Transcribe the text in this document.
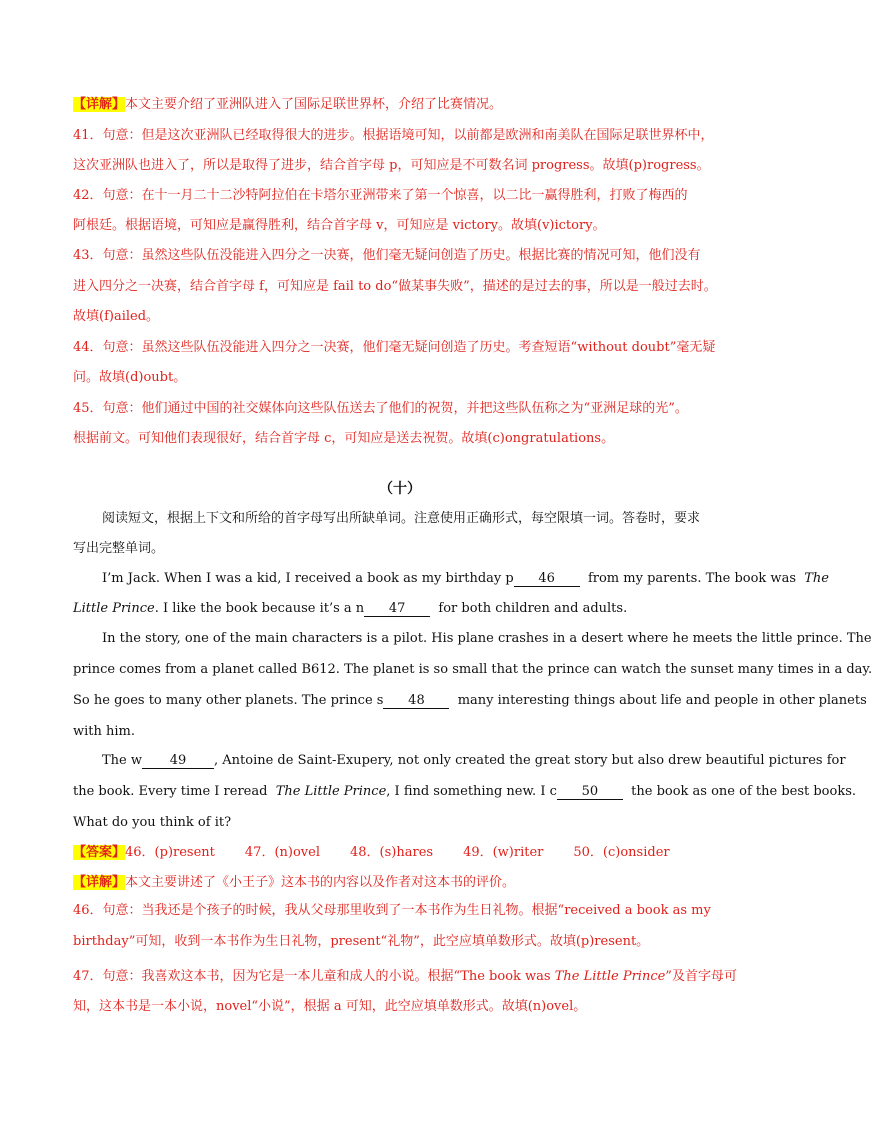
【详解】本文主要介绍了亚洲队进入了国际足联世界杯，介绍了比赛情况。
41．句意：但是这次亚洲队已经取得很大的进步。根据语境可知，以前都是欧洲和南美队在国际足联世界杯中，
这次亚洲队也进入了，所以是取得了进步，结合首字母 p，可知应是不可数名词 progress。故填(p)rogress。
42．句意：在十一月二十二沙特阿拉伯在卡塔尔亚洲带来了第一个惊喜，以二比一赢得胜利，打败了梅西的
阿根廷。根据语境，可知应是赢得胜利，结合首字母 v，可知应是 victory。故填(v)ictory。
43．句意：虽然这些队伍没能进入四分之一决赛，他们毫无疑问创造了历史。根据比赛的情况可知，他们没有
进入四分之一决赛，结合首字母 f，可知应是 fail to do“做某事失败”，描述的是过去的事，所以是一般过去时。
故填(f)ailed。
44．句意：虽然这些队伍没能进入四分之一决赛，他们毫无疑问创造了历史。考查短语“without doubt”毫无疑
问。故填(d)oubt。
45．句意：他们通过中国的社交媒体向这些队伍送去了他们的祝贺，并把这些队伍称之为“亚洲足球的光”。
根据前文。可知他们表现很好，结合首字母 c，可知应是送去祝贺。故填(c)ongratulations。
（十）
阅读短文，根据上下文和所给的首字母写出所缺单词。注意使用正确形式，每空限填一词。答卷时，要求
写出完整单词。
I’m Jack. When I was a kid, I received a book as my birthday p 46	from my parents. The book was The
Little Prince. I like the book because it’s a n 47	for both children and adults.
In the story, one of the main characters is a pilot. His plane crashes in a desert where he meets the little prince. The
prince comes from a planet called B612. The planet is so small that the prince can watch the sunset many times in a day.
So he goes to many other planets. The prince s 48	many interesting things about life and people in other planets
with him.
The w 49 , Antoine de Saint-Exupery, not only created the great story but also drew beautiful pictures for
the book. Every time I reread The Little Prince, I find something new. I c 50	the book as one of the best books.
What do you think of it?
【答案】46．(p)resent 47．(n)ovel 48．(s)hares 49．(w)riter 50．(c)onsider
【详解】本文主要讲述了《小王子》这本书的内容以及作者对这本书的评价。
46．句意：当我还是个孩子的时候，我从父母那里收到了一本书作为生日礼物。根据“received a book as my
birthday”可知，收到一本书作为生日礼物，present“礼物”，此空应填单数形式。故填(p)resent。
47．句意：我喜欢这本书，因为它是一本儿童和成人的小说。根据“The book was The Little Prince”及首字母可
知，这本书是一本小说，novel“小说”，根据 a 可知，此空应填单数形式。故填(n)ovel。
